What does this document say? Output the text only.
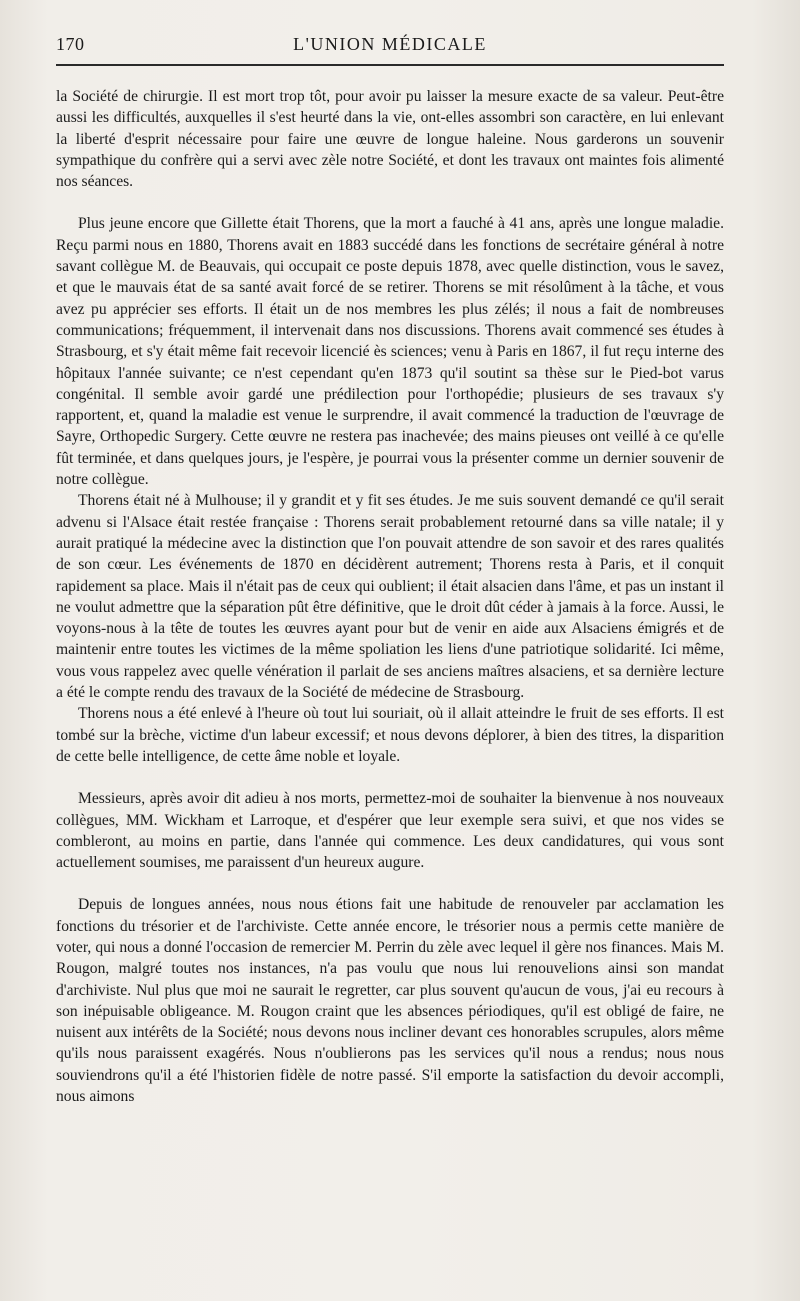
170	L'UNION MÉDICALE

la Société de chirurgie. Il est mort trop tôt, pour avoir pu laisser la mesure exacte de sa valeur. Peut-être aussi les difficultés, auxquelles il s'est heurté dans la vie, ont-elles assombri son caractère, en lui enlevant la liberté d'esprit nécessaire pour faire une œuvre de longue haleine. Nous garderons un souvenir sympathique du confrère qui a servi avec zèle notre Société, et dont les travaux ont maintes fois alimenté nos séances.

Plus jeune encore que Gillette était Thorens, que la mort a fauché à 41 ans, après une longue maladie. Reçu parmi nous en 1880, Thorens avait en 1883 succédé dans les fonctions de secrétaire général à notre savant collègue M. de Beauvais, qui occupait ce poste depuis 1878, avec quelle distinction, vous le savez, et que le mauvais état de sa santé avait forcé de se retirer. Thorens se mit résolûment à la tâche, et vous avez pu apprécier ses efforts. Il était un de nos membres les plus zélés; il nous a fait de nombreuses communications; fréquemment, il intervenait dans nos discussions. Thorens avait commencé ses études à Strasbourg, et s'y était même fait recevoir licencié ès sciences; venu à Paris en 1867, il fut reçu interne des hôpitaux l'année suivante; ce n'est cependant qu'en 1873 qu'il soutint sa thèse sur le Pied-bot varus congénital. Il semble avoir gardé une prédilection pour l'orthopédie; plusieurs de ses travaux s'y rapportent, et, quand la maladie est venue le surprendre, il avait commencé la traduction de l'œuvrage de Sayre, Orthopedic Surgery. Cette œuvre ne restera pas inachevée; des mains pieuses ont veillé à ce qu'elle fût terminée, et dans quelques jours, je l'espère, je pourrai vous la présenter comme un dernier souvenir de notre collègue.

Thorens était né à Mulhouse; il y grandit et y fit ses études. Je me suis souvent demandé ce qu'il serait advenu si l'Alsace était restée française : Thorens serait probablement retourné dans sa ville natale; il y aurait pratiqué la médecine avec la distinction que l'on pouvait attendre de son savoir et des rares qualités de son cœur. Les événements de 1870 en décidèrent autrement; Thorens resta à Paris, et il conquit rapidement sa place. Mais il n'était pas de ceux qui oublient; il était alsacien dans l'âme, et pas un instant il ne voulut admettre que la séparation pût être définitive, que le droit dût céder à jamais à la force. Aussi, le voyons-nous à la tête de toutes les œuvres ayant pour but de venir en aide aux Alsaciens émigrés et de maintenir entre toutes les victimes de la même spoliation les liens d'une patriotique solidarité. Ici même, vous vous rappelez avec quelle vénération il parlait de ses anciens maîtres alsaciens, et sa dernière lecture a été le compte rendu des travaux de la Société de médecine de Strasbourg.

Thorens nous a été enlevé à l'heure où tout lui souriait, où il allait atteindre le fruit de ses efforts. Il est tombé sur la brèche, victime d'un labeur excessif; et nous devons déplorer, à bien des titres, la disparition de cette belle intelligence, de cette âme noble et loyale.

Messieurs, après avoir dit adieu à nos morts, permettez-moi de souhaiter la bienvenue à nos nouveaux collègues, MM. Wickham et Larroque, et d'espérer que leur exemple sera suivi, et que nos vides se combleront, au moins en partie, dans l'année qui commence. Les deux candidatures, qui vous sont actuellement soumises, me paraissent d'un heureux augure.

Depuis de longues années, nous nous étions fait une habitude de renouveler par acclamation les fonctions du trésorier et de l'archiviste. Cette année encore, le trésorier nous a permis cette manière de voter, qui nous a donné l'occasion de remercier M. Perrin du zèle avec lequel il gère nos finances. Mais M. Rougon, malgré toutes nos instances, n'a pas voulu que nous lui renouvelions ainsi son mandat d'archiviste. Nul plus que moi ne saurait le regretter, car plus souvent qu'aucun de vous, j'ai eu recours à son inépuisable obligeance. M. Rougon craint que les absences périodiques, qu'il est obligé de faire, ne nuisent aux intérêts de la Société; nous devons nous incliner devant ces honorables scrupules, alors même qu'ils nous paraissent exagérés. Nous n'oublierons pas les services qu'il nous a rendus; nous nous souviendrons qu'il a été l'historien fidèle de notre passé. S'il emporte la satisfaction du devoir accompli, nous aimons
